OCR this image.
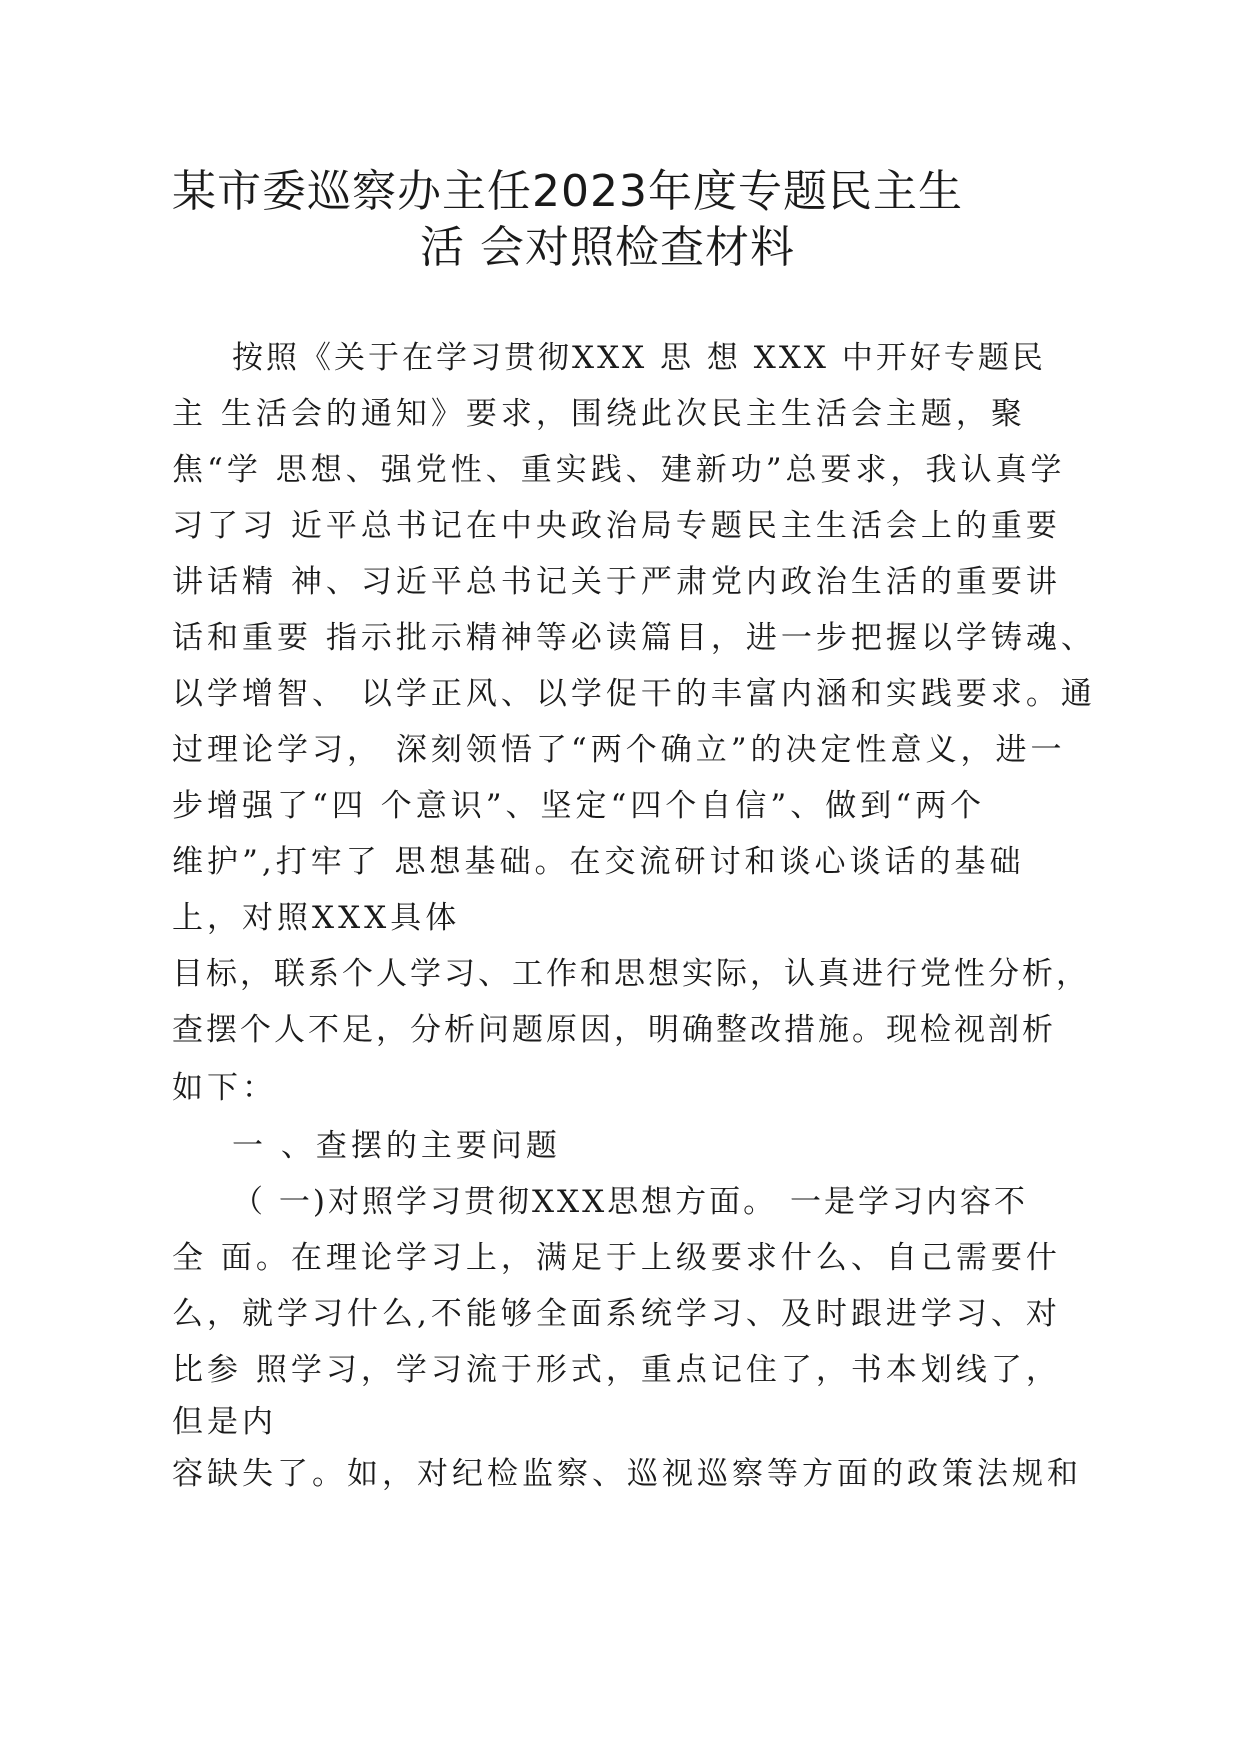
某市委巡察办主任2023年度专题民主生
活 会对照检查材料
按照《关于在学习贯彻XXX 思 想 XXX 中开好专题民
主 生活会的通知》要求，围绕此次民主生活会主题，聚
焦“学 思想、强党性、重实践、建新功”总要求，我认真学
习了习 近平总书记在中央政治局专题民主生活会上的重要
讲话精 神、习近平总书记关于严肃党内政治生活的重要讲
话和重要 指示批示精神等必读篇目，进一步把握以学铸魂、
以学增智、 以学正风、以学促干的丰富内涵和实践要求。通
过理论学习， 深刻领悟了“两个确立”的决定性意义，进一
步增强了“四 个意识”、坚定“四个自信”、做到“两个
维护”,打牢了 思想基础。在交流研讨和谈心谈话的基础
上，对照XXX具体
目标，联系个人学习、工作和思想实际，认真进行党性分析，
查摆个人不足，分析问题原因，明确整改措施。现检视剖析
如下：
一 、查摆的主要问题
（ 一)对照学习贯彻XXX思想方面。 一是学习内容不
全 面。在理论学习上，满足于上级要求什么、自己需要什
么，就学习什么,不能够全面系统学习、及时跟进学习、对
比参 照学习，学习流于形式，重点记住了，书本划线了，
但是内
容缺失了。如，对纪检监察、巡视巡察等方面的政策法规和
